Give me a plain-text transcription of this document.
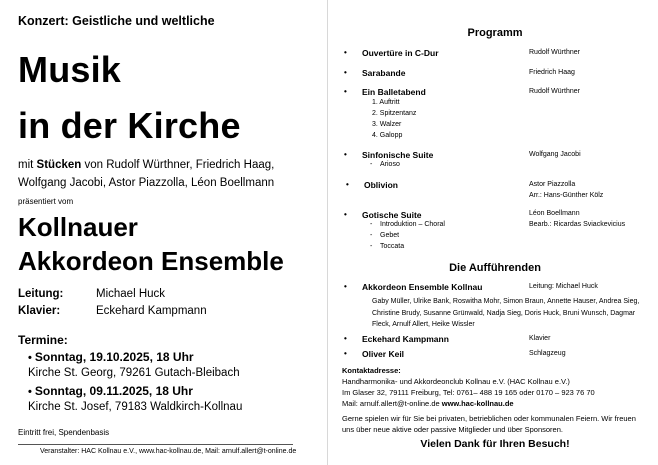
Konzert: Geistliche und weltliche
Musik
in der Kirche
mit Stücken von Rudolf Würthner, Friedrich Haag, Wolfgang Jacobi, Astor Piazzolla, Léon Boellmann
präsentiert vom
Kollnauer
Akkordeon Ensemble
Leitung:	Michael Huck
Klavier:	Eckehard Kampmann
Termine:
• Sonntag, 19.10.2025, 18 Uhr
Kirche St. Georg, 79261 Gutach-Bleibach
• Sonntag, 09.11.2025, 18 Uhr
Kirche St. Josef, 79183 Waldkirch-Kollnau
Eintritt frei, Spendenbasis
Veranstalter: HAC Kollnau e.V., www.hac-kollnau.de, Mail: arnulf.allert@t-online.de
Programm
• Ouvertüre in C-Dur	Rudolf Würthner
• Sarabande	Friedrich Haag
• Ein Balletabend	Rudolf Würthner
1. Auftritt
2. Spitzentanz
3. Walzer
4. Galopp
• Sinfonische Suite	Wolfgang Jacobi
- Arioso
• Oblivion	Astor Piazzolla
Arr.: Hans-Günther Kölz
• Gotische Suite	Léon Boellmann
Bearb.: Ricardas Sviackevicius
- Introduktion – Choral
- Gebet
- Toccata
Die Aufführenden
• Akkordeon Ensemble Kollnau	Leitung: Michael Huck
Gaby Müller, Ulrike Bank, Roswitha Mohr, Simon Braun, Annette Hauser, Andrea Sieg, Christine Brudy, Susanne Grünwald, Nadja Sieg, Doris Huck, Bruni Wunsch, Dagmar Fleck, Arnulf Allert, Heike Wissler
• Eckehard Kampmann	Klavier
• Oliver Keil	Schlagzeug
Kontaktadresse:
Handharmonika- und Akkordeonclub Kollnau e.V. (HAC Kollnau e.V.)
Im Glaser 32, 79111 Freiburg, Tel: 0761– 488 19 165 oder 0170 – 923 76 70
Mail: arnulf.allert@t-online.de www.hac-kollnau.de
Gerne spielen wir für Sie bei privaten, betrieblichen oder kommunalen Feiern. Wir freuen uns über neue aktive oder passive Mitglieder und über Sponsoren.
Vielen Dank für Ihren Besuch!
